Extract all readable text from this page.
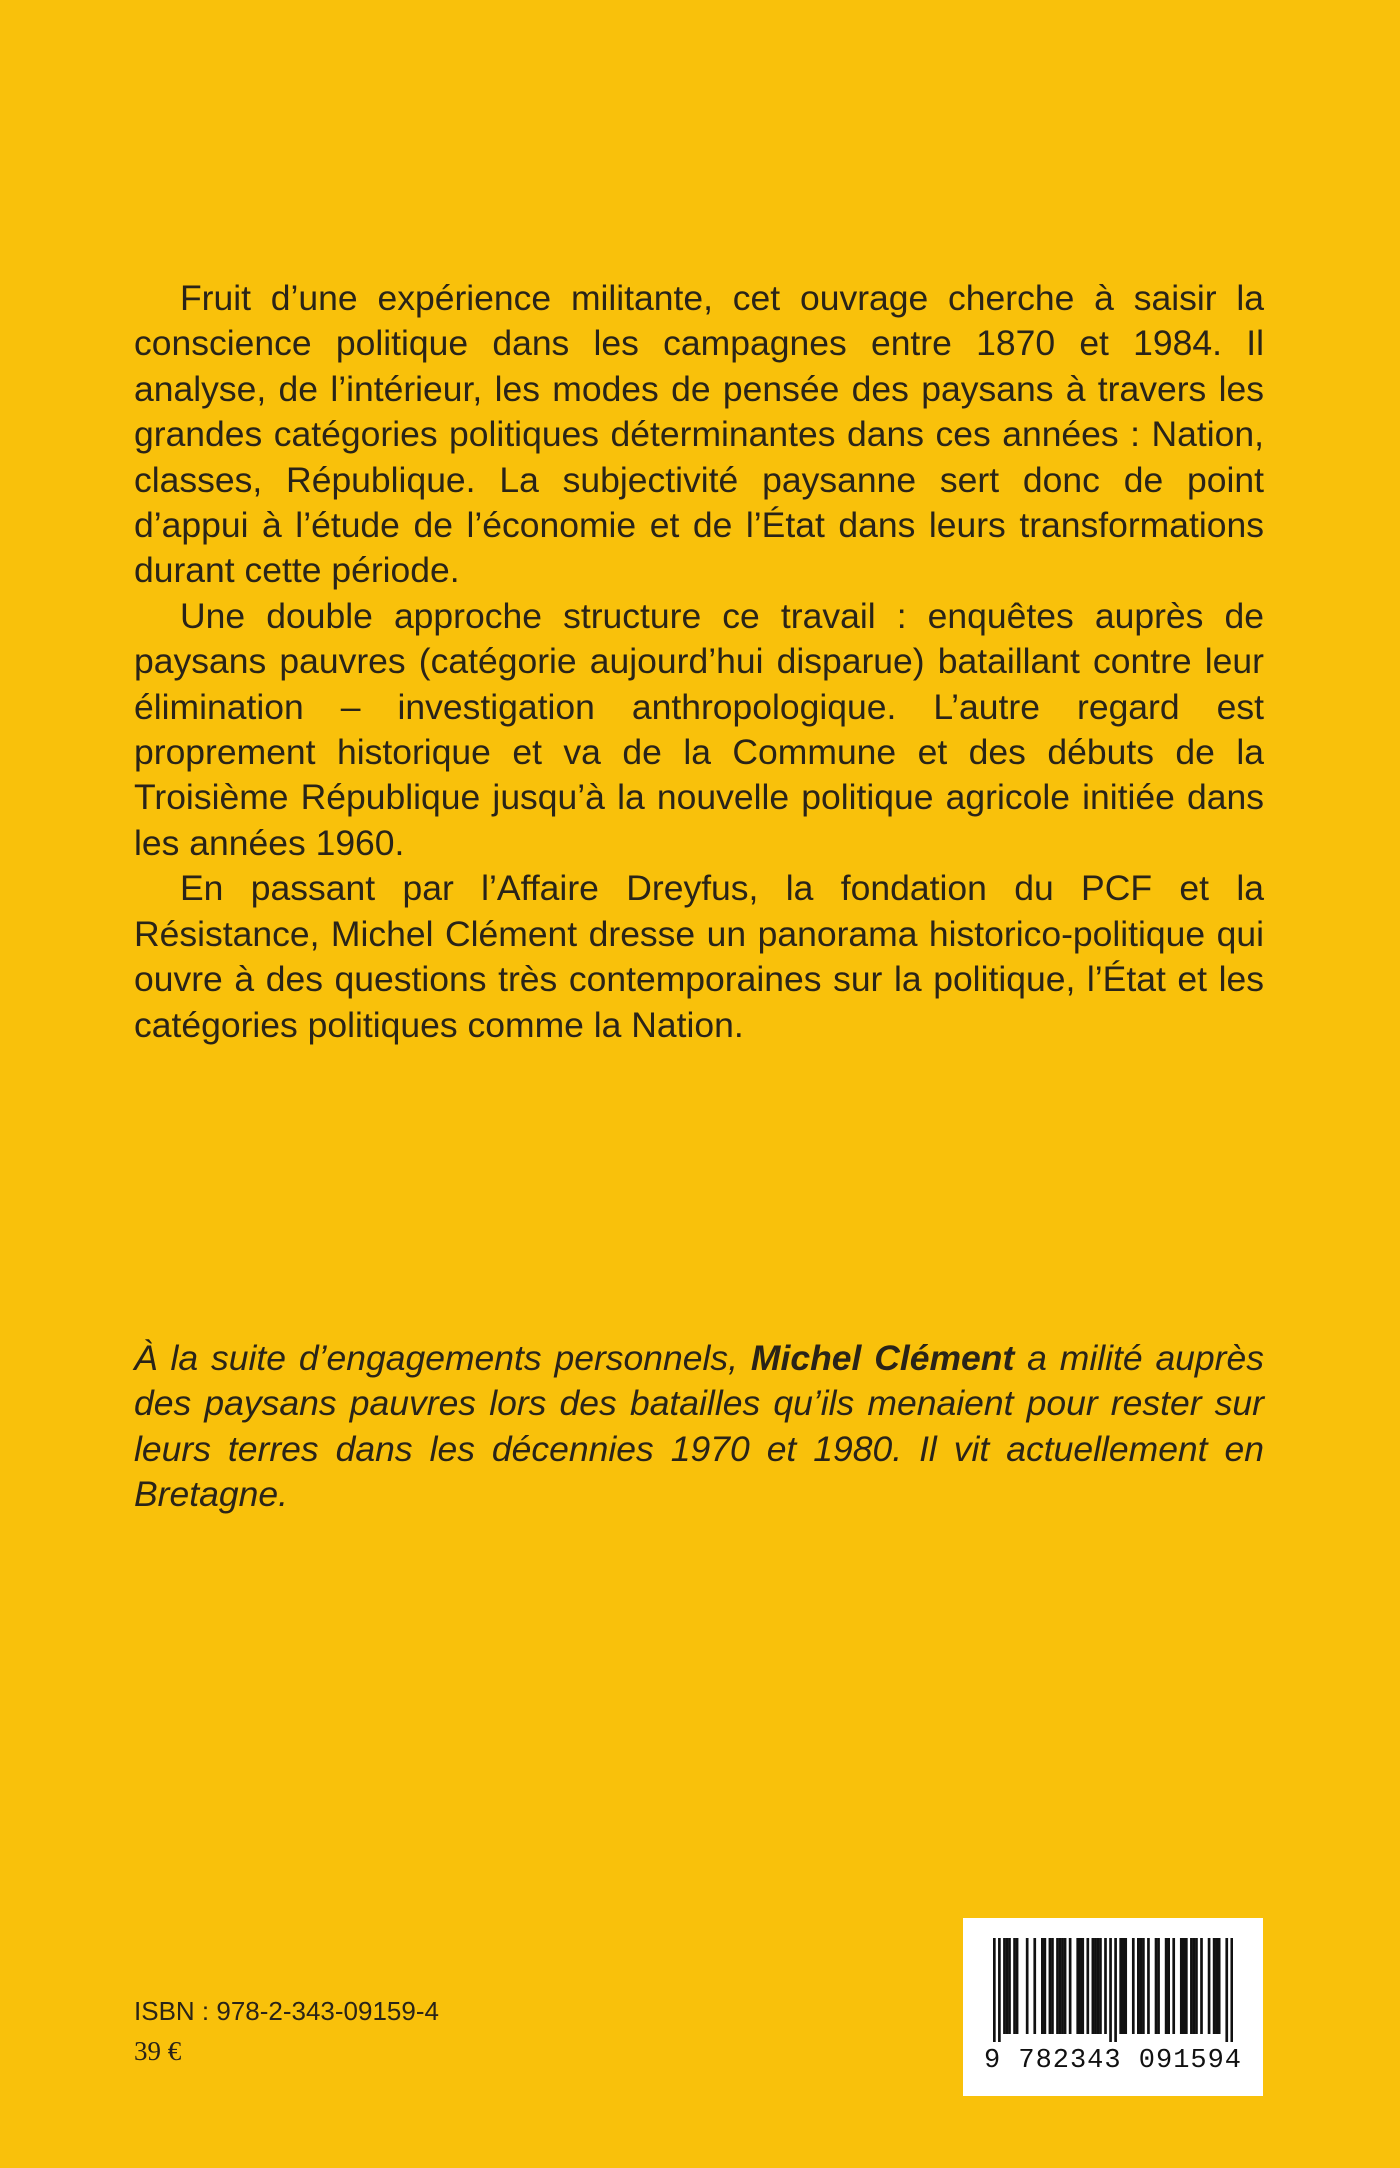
Fruit d’une expérience militante, cet ouvrage cherche à saisir la conscience politique dans les campagnes entre 1870 et 1984. Il analyse, de l’intérieur, les modes de pensée des paysans à travers les grandes catégories politiques déterminantes dans ces années : Nation, classes, République. La subjectivité paysanne sert donc de point d’appui à l’étude de l’économie et de l’État dans leurs transformations durant cette période.

Une double approche structure ce travail : enquêtes auprès de paysans pauvres (catégorie aujourd’hui disparue) bataillant contre leur élimination – investigation anthropologique. L’autre regard est proprement historique et va de la Commune et des débuts de la Troisième République jusqu’à la nouvelle politique agricole initiée dans les années 1960.

En passant par l’Affaire Dreyfus, la fondation du PCF et la Résistance, Michel Clément dresse un panorama historico-politique qui ouvre à des questions très contemporaines sur la politique, l’État et les catégories politiques comme la Nation.

À la suite d’engagements personnels, Michel Clément a milité auprès des paysans pauvres lors des batailles qu’ils menaient pour rester sur leurs terres dans les décennies 1970 et 1980. Il vit actuellement en Bretagne.

ISBN : 978-2-343-09159-4
39 €	9 782343 091594
